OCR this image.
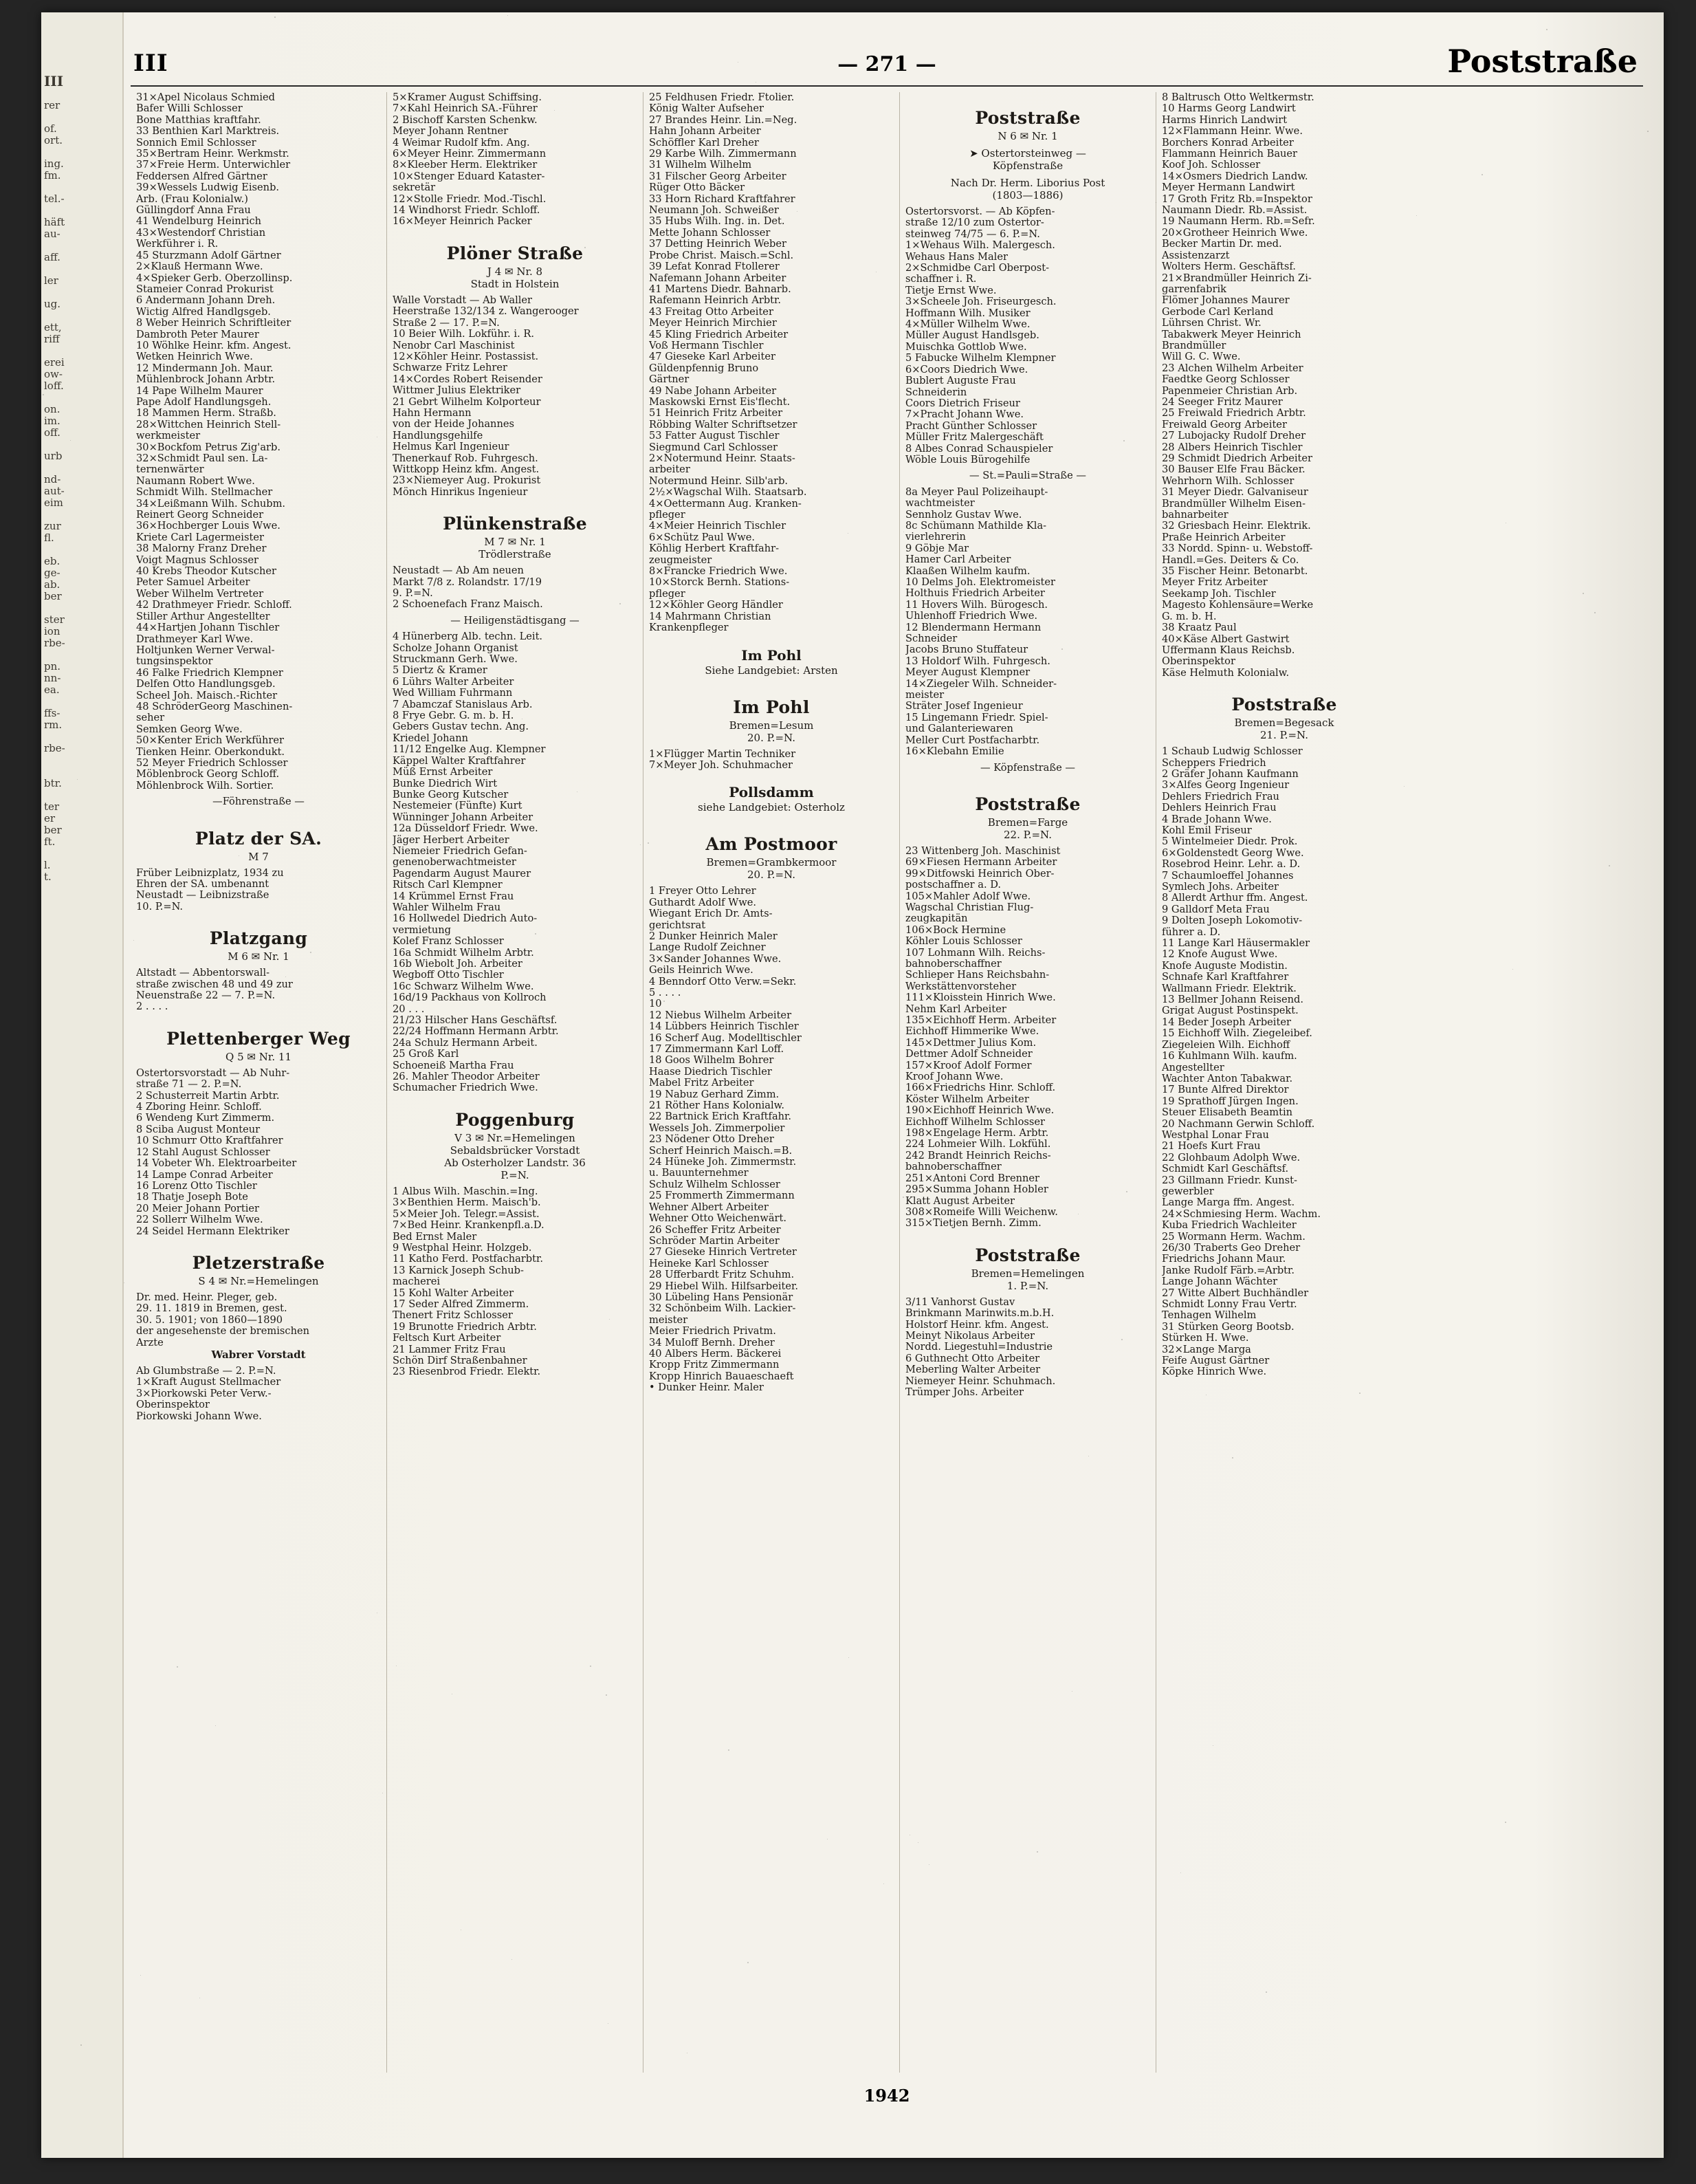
III
rer
of.
ort.
ing.
fm.
tel.-
häft
au-
aff.
ler
ug.
ett,
riff
erei
ow-
loff.
on.
im.
off.
urb
nd-
aut-
eim
zur
fl.
eb.
ge-
ab.
ber
ster
ion
rbe-
pn.
nn-
ea.
ffs-
rm.
rbe-
btr.
ter
er
ber
ft.
l.
t.
III	— 271 —	Poststraße
31×Apel Nicolaus Schmied
Bafer Willi Schlosser
Bone Matthias kraftfahr.
33 Benthien Karl Marktreis.
Sonnich Emil Schlosser
35×Bertram Heinr. Werkmstr.
37×Freie Herm. Unterwichler
Feddersen Alfred Gärtner
39×Wessels Ludwig Eisenb.
Arb. (Frau Kolonialw.)
Güllingdorf Anna Frau
41 Wendelburg Heinrich
43×Westendorf Christian
Werkführer i. R.
45 Sturzmann Adolf Gärtner
2×Klauß Hermann Wwe.
4×Spieker Gerb. Oberzollinsp.
Stameier Conrad Prokurist
6 Andermann Johann Dreh.
Wictig Alfred Handlgsgeb.
8 Weber Heinrich Schriftleiter
Dambroth Peter Maurer
10 Wöhlke Heinr. kfm. Angest.
Wetken Heinrich Wwe.
12 Mindermann Joh. Maur.
Mühlenbrock Johann Arbtr.
14 Pape Wilhelm Maurer
Pape Adolf Handlungsgeh.
18 Mammen Herm. Straßb.
28×Wittchen Heinrich Stell-
werkmeister
30×Bockfom Petrus Zig'arb.
32×Schmidt Paul sen. La-
ternenwärter
Naumann Robert Wwe.
Schmidt Wilh. Stellmacher
34×Leißmann Wilh. Schubm.
Reinert Georg Schneider
36×Hochberger Louis Wwe.
Kriete Carl Lagermeister
38 Malorny Franz Dreher
Voigt Magnus Schlosser
40 Krebs Theodor Kutscher
Peter Samuel Arbeiter
Weber Wilhelm Vertreter
42 Drathmeyer Friedr. Schloff.
Stiller Arthur Angestellter
44×Hartjen Johann Tischler
Drathmeyer Karl Wwe.
Holtjunken Werner Verwal-
tungsinspektor
46 Falke Friedrich Klempner
Delfen Otto Handlungsgeb.
Scheel Joh. Maisch.-Richter
48 SchröderGeorg Maschinen-
seher
Semken Georg Wwe.
50×Kenter Erich Werkführer
Tienken Heinr. Oberkondukt.
52 Meyer Friedrich Schlosser
Möblenbrock Georg Schloff.
Möhlenbrock Wilh. Sortier.
—Föhrenstraße —
Platz der SA.
M 7
Früber Leibnizplatz, 1934 zu
Ehren der SA. umbenannt
Neustadt — Leibnizstraße
10. P.=N.
Platzgang
M 6 ✉ Nr. 1
Altstadt — Abbentorswall-
straße zwischen 48 und 49 zur
Neuenstraße 22 — 7. P.=N.
2 . . . .
Plettenberger Weg
Q 5 ✉ Nr. 11
Ostertorsvorstadt — Ab Nuhr-
straße 71 — 2. P.=N.
2 Schusterreit Martin Arbtr.
4 Zboring Heinr. Schloff.
6 Wendeng Kurt Zimmerm.
8 Sciba August Monteur
10 Schmurr Otto Kraftfahrer
12 Stahl August Schlosser
14 Vobeter Wh. Elektroarbeiter
14 Lampe Conrad Arbeiter
16 Lorenz Otto Tischler
18 Thatje Joseph Bote
20 Meier Johann Portier
22 Sollerr Wilhelm Wwe.
24 Seidel Hermann Elektriker
Pletzerstraße
S 4 ✉ Nr.=Hemelingen
Dr. med. Heinr. Pleger, geb.
29. 11. 1819 in Bremen, gest.
30. 5. 1901; von 1860—1890
der angesehenste der bremischen
Ärzte
Wabrer Vorstadt
Ab Glumbstraße — 2. P.=N.
1×Kraft August Stellmacher
3×Piorkowski Peter Verw.-
Oberinspektor
Piorkowski Johann Wwe.
5×Kramer August Schiffsing.
7×Kahl Heinrich SA.-Führer
2 Bischoff Karsten Schenkw.
Meyer Johann Rentner
4 Weimar Rudolf kfm. Ang.
6×Meyer Heinr. Zimmermann
8×Kleeber Herm. Elektriker
10×Stenger Eduard Kataster-
sekretär
12×Stolle Friedr. Mod.-Tischl.
14 Windhorst Friedr. Schloff.
16×Meyer Heinrich Packer
Plöner Straße
J 4 ✉ Nr. 8
Stadt in Holstein
Walle Vorstadt — Ab Waller
Heerstraße 132/134 z. Wangerooger
Straße 2 — 17. P.=N.
10 Beier Wilh. Lokführ. i. R.
Nenobr Carl Maschinist
12×Köhler Heinr. Postassist.
Schwarze Fritz Lehrer
14×Cordes Robert Reisender
Wittmer Julius Elektriker
21 Gebrt Wilhelm Kolporteur
Hahn Hermann
von der Heide Johannes
Handlungsgehilfe
Helmus Karl Ingenieur
Thenerkauf Rob. Fuhrgesch.
Wittkopp Heinz kfm. Angest.
23×Niemeyer Aug. Prokurist
Mönch Hinrikus Ingenieur
Plünkenstraße
M 7 ✉ Nr. 1
Trödlerstraße
Neustadt — Ab Am neuen
Markt 7/8 z. Rolandstr. 17/19
9. P.=N.
2 Schoenefach Franz Maisch.
— Heiligenstädtisgang —
4 Hünerberg Alb. techn. Leit.
Scholze Johann Organist
Struckmann Gerh. Wwe.
5 Diertz & Kramer
6 Lührs Walter Arbeiter
Wed William Fuhrmann
7 Abamczaf Stanislaus Arb.
8 Frye Gebr. G. m. b. H.
Gebers Gustav techn. Ang.
Kriedel Johann
11/12 Engelke Aug. Klempner
Käppel Walter Kraftfahrer
Müß Ernst Arbeiter
Bunke Diedrich Wirt
Bunke Georg Kutscher
Nestemeier (Fünfte) Kurt
Wünninger Johann Arbeiter
12a Düsseldorf Friedr. Wwe.
Jäger Herbert Arbeiter
Niemeier Friedrich Gefan-
genenoberwachtmeister
Pagendarm August Maurer
Ritsch Carl Klempner
14 Krümmel Ernst Frau
Wahler Wilhelm Frau
16 Hollwedel Diedrich Auto-
vermietung
Kolef Franz Schlosser
16a Schmidt Wilhelm Arbtr.
16b Wiebolt Joh. Arbeiter
Wegboff Otto Tischler
16c Schwarz Wilhelm Wwe.
16d/19 Packhaus von Kollroch
20 . . .
21/23 Hilscher Hans Geschäftsf.
22/24 Hoffmann Hermann Arbtr.
24a Schulz Hermann Arbeit.
25 Groß Karl
Schoeneiß Martha Frau
26. Mahler Theodor Arbeiter
Schumacher Friedrich Wwe.
Poggenburg
V 3 ✉ Nr.=Hemelingen
Sebaldsbrücker Vorstadt
Ab Osterholzer Landstr. 36
P.=N.
1 Albus Wilh. Maschin.=Ing.
3×Benthien Herm. Maisch'b.
5×Meier Joh. Telegr.=Assist.
7×Bed Heinr. Krankenpfl.a.D.
Bed Ernst Maler
9 Westphal Heinr. Holzgeb.
11 Katho Ferd. Postfacharbtr.
13 Karnick Joseph Schub-
macherei
15 Kohl Walter Arbeiter
17 Seder Alfred Zimmerm.
Thenert Fritz Schlosser
19 Brunotte Friedrich Arbtr.
Feltsch Kurt Arbeiter
21 Lammer Fritz Frau
Schön Dirf Straßenbahner
23 Riesenbrod Friedr. Elektr.
25 Feldhusen Friedr. Ftolier.
König Walter Aufseher
27 Brandes Heinr. Lin.=Neg.
Hahn Johann Arbeiter
Schöffler Karl Dreher
29 Karbe Wilh. Zimmermann
31 Wilhelm Wilhelm
31 Filscher Georg Arbeiter
Rüger Otto Bäcker
33 Horn Richard Kraftfahrer
Neumann Joh. Schweißer
35 Hubs Wilh. Ing. in. Det.
Mette Johann Schlosser
37 Detting Heinrich Weber
Probe Christ. Maisch.=Schl.
39 Lefat Konrad Ftollerer
Nafemann Johann Arbeiter
41 Martens Diedr. Bahnarb.
Rafemann Heinrich Arbtr.
43 Freitag Otto Arbeiter
Meyer Heinrich Mirchier
45 Kling Friedrich Arbeiter
Voß Hermann Tischler
47 Gieseke Karl Arbeiter
Güldenpfennig Bruno
Gärtner
49 Nabe Johann Arbeiter
Maskowski Ernst Eis'flecht.
51 Heinrich Fritz Arbeiter
Röbbing Walter Schriftsetzer
53 Fatter August Tischler
Siegmund Carl Schlosser
2×Notermund Heinr. Staats-
arbeiter
Notermund Heinr. Silb'arb.
2½×Wagschal Wilh. Staatsarb.
4×Oettermann Aug. Kranken-
pfleger
4×Meier Heinrich Tischler
6×Schütz Paul Wwe.
Köhlig Herbert Kraftfahr-
zeugmeister
8×Francke Friedrich Wwe.
10×Storck Bernh. Stations-
pfleger
12×Köhler Georg Händler
14 Mahrmann Christian
Krankenpfleger
Im Pohl
Siehe Landgebiet: Arsten
Im Pohl
Bremen=Lesum
20. P.=N.
1×Flügger Martin Techniker
7×Meyer Joh. Schuhmacher
Pollsdamm
siehe Landgebiet: Osterholz
Am Postmoor
Bremen=Grambkermoor
20. P.=N.
1 Freyer Otto Lehrer
Guthardt Adolf Wwe.
Wiegant Erich Dr. Amts-
gerichtsrat
2 Dunker Heinrich Maler
Lange Rudolf Zeichner
3×Sander Johannes Wwe.
Geils Heinrich Wwe.
4 Benndorf Otto Verw.=Sekr.
5 . . . .
10
12 Niebus Wilhelm Arbeiter
14 Lübbers Heinrich Tischler
16 Scherf Aug. Modelltischler
17 Zimmermann Karl Loff.
18 Goos Wilhelm Bohrer
Haase Diedrich Tischler
Mabel Fritz Arbeiter
19 Nabuz Gerhard Zimm.
21 Röther Hans Kolonialw.
22 Bartnick Erich Kraftfahr.
Wessels Joh. Zimmerpolier
23 Nödener Otto Dreher
Scherf Heinrich Maisch.=B.
24 Hüneke Joh. Zimmermstr.
u. Bauunternehmer
Schulz Wilhelm Schlosser
25 Frommerth Zimmermann
Wehner Albert Arbeiter
Wehner Otto Weichenwärt.
26 Scheffer Fritz Arbeiter
Schröder Martin Arbeiter
27 Gieseke Hinrich Vertreter
Heineke Karl Schlosser
28 Ufferbardt Fritz Schuhm.
29 Hiebel Wilh. Hilfsarbeiter.
30 Lübeling Hans Pensionär
32 Schönbeim Wilh. Lackier-
meister
Meier Friedrich Privatm.
34 Muloff Bernh. Dreher
40 Albers Herm. Bäckerei
Kropp Fritz Zimmermann
Kropp Hinrich Bauaeschaeft
• Dunker Heinr. Maler
Poststraße
N 6 ✉ Nr. 1
➤ Ostertorsteinweg —
Köpfenstraße
Nach Dr. Herm. Liborius Post
(1803—1886)
Ostertorsvorst. — Ab Köpfen-
straße 12/10 zum Ostertor-
steinweg 74/75 — 6. P.=N.
1×Wehaus Wilh. Malergesch.
Wehaus Hans Maler
2×Schmidbe Carl Oberpost-
schaffner i. R.
Tietje Ernst Wwe.
3×Scheele Joh. Friseurgesch.
Hoffmann Wilh. Musiker
4×Müller Wilhelm Wwe.
Müller August Handlsgeb.
Muischka Gottlob Wwe.
5 Fabucke Wilhelm Klempner
6×Coors Diedrich Wwe.
Bublert Auguste Frau
Schneiderin
Coors Dietrich Friseur
7×Pracht Johann Wwe.
Pracht Günther Schlosser
Müller Fritz Malergeschäft
8 Albes Conrad Schauspieler
Wöble Louis Bürogehilfe
— St.=Pauli=Straße —
8a Meyer Paul Polizeihaupt-
wachtmeister
Sennholz Gustav Wwe.
8c Schümann Mathilde Kla-
vierlehrerin
9 Göbje Mar
Hamer Carl Arbeiter
Klaaßen Wilhelm kaufm.
10 Delms Joh. Elektromeister
Holthuis Friedrich Arbeiter
11 Hovers Wilh. Bürogesch.
Uhlenhoff Friedrich Wwe.
12 Blendermann Hermann
Schneider
Jacobs Bruno Stuffateur
13 Holdorf Wilh. Fuhrgesch.
Meyer August Klempner
14×Ziegeler Wilh. Schneider-
meister
Sträter Josef Ingenieur
15 Lingemann Friedr. Spiel-
und Galanteriewaren
Meller Curt Postfacharbtr.
16×Klebahn Emilie
— Köpfenstraße —
Poststraße
Bremen=Farge
22. P.=N.
23 Wittenberg Joh. Maschinist
69×Fiesen Hermann Arbeiter
99×Ditfowski Heinrich Ober-
postschaffner a. D.
105×Mahler Adolf Wwe.
Wagschal Christian Flug-
zeugkapitän
106×Bock Hermine
Köhler Louis Schlosser
107 Lohmann Wilh. Reichs-
bahnoberschaffner
Schlieper Hans Reichsbahn-
Werkstättenvorsteher
111×Kloisstein Hinrich Wwe.
Nehm Karl Arbeiter
135×Eichhoff Herm. Arbeiter
Eichhoff Himmerike Wwe.
145×Dettmer Julius Kom.
Dettmer Adolf Schneider
157×Kroof Adolf Former
Kroof Johann Wwe.
166×Friedrichs Hinr. Schloff.
Köster Wilhelm Arbeiter
190×Eichhoff Heinrich Wwe.
Eichhoff Wilhelm Schlosser
198×Engelage Herm. Arbtr.
224 Lohmeier Wilh. Lokfühl.
242 Brandt Heinrich Reichs-
bahnoberschaffner
251×Antoni Cord Brenner
295×Summa Johann Hobler
Klatt August Arbeiter
308×Romeife Willi Weichenw.
315×Tietjen Bernh. Zimm.
Poststraße
Bremen=Hemelingen
1. P.=N.
3/11 Vanhorst Gustav
Brinkmann Marinwits.m.b.H.
Holstorf Heinr. kfm. Angest.
Meinyt Nikolaus Arbeiter
Nordd. Liegestuhl=Industrie
6 Guthnecht Otto Arbeiter
Meberling Walter Arbeiter
Niemeyer Heinr. Schuhmach.
Trümper Johs. Arbeiter
8 Baltrusch Otto Weltkermstr.
10 Harms Georg Landwirt
Harms Hinrich Landwirt
12×Flammann Heinr. Wwe.
Borchers Konrad Arbeiter
Flammann Heinrich Bauer
Koof Joh. Schlosser
14×Osmers Diedrich Landw.
Meyer Hermann Landwirt
17 Groth Fritz Rb.=Inspektor
Naumann Diedr. Rb.=Assist.
19 Naumann Herm. Rb.=Sefr.
20×Grotheer Heinrich Wwe.
Becker Martin Dr. med.
Assistenzarzt
Wolters Herm. Geschäftsf.
21×Brandmüller Heinrich Zi-
garrenfabrik
Flömer Johannes Maurer
Gerbode Carl Kerland
Lührsen Christ. Wr.
Tabakwerk Meyer Heinrich
Brandmüller
Will G. C. Wwe.
23 Alchen Wilhelm Arbeiter
Faedtke Georg Schlosser
Papenmeier Christian Arb.
24 Seeger Fritz Maurer
25 Freiwald Friedrich Arbtr.
Freiwald Georg Arbeiter
27 Lubojacky Rudolf Dreher
28 Albers Heinrich Tischler
29 Schmidt Diedrich Arbeiter
30 Bauser Elfe Frau Bäcker.
Wehrhorn Wilh. Schlosser
31 Meyer Diedr. Galvaniseur
Brandmüller Wilhelm Eisen-
bahnarbeiter
32 Griesbach Heinr. Elektrik.
Praße Heinrich Arbeiter
33 Nordd. Spinn- u. Webstoff-
Handl.=Ges. Deiters & Co.
35 Fischer Heinr. Betonarbt.
Meyer Fritz Arbeiter
Seekamp Joh. Tischler
Magesto Kohlensäure=Werke
G. m. b. H.
38 Kraatz Paul
40×Käse Albert Gastwirt
Uffermann Klaus Reichsb.
Oberinspektor
Käse Helmuth Kolonialw.
Poststraße
Bremen=Begesack
21. P.=N.
1 Schaub Ludwig Schlosser
Scheppers Friedrich
2 Gräfer Johann Kaufmann
3×Alfes Georg Ingenieur
Dehlers Friedrich Frau
Dehlers Heinrich Frau
4 Brade Johann Wwe.
Kohl Emil Friseur
5 Wintelmeier Diedr. Prok.
6×Goldenstedt Georg Wwe.
Rosebrod Heinr. Lehr. a. D.
7 Schaumloeffel Johannes
Symlech Johs. Arbeiter
8 Allerdt Arthur ffm. Angest.
9 Galldorf Meta Frau
9 Dolten Joseph Lokomotiv-
führer a. D.
11 Lange Karl Häusermakler
12 Knofe August Wwe.
Knofe Auguste Modistin.
Schnafe Karl Kraftfahrer
Wallmann Friedr. Elektrik.
13 Bellmer Johann Reisend.
Grigat August Postinspekt.
14 Beder Joseph Arbeiter
15 Eichhoff Wilh. Ziegeleibef.
Ziegeleien Wilh. Eichhoff
16 Kuhlmann Wilh. kaufm.
Angestellter
Wachter Anton Tabakwar.
17 Bunte Alfred Direktor
19 Sprathoff Jürgen Ingen.
Steuer Elisabeth Beamtin
20 Nachmann Gerwin Schloff.
Westphal Lonar Frau
21 Hoefs Kurt Frau
22 Glohbaum Adolph Wwe.
Schmidt Karl Geschäftsf.
23 Gillmann Friedr. Kunst-
gewerbler
Lange Marga ffm. Angest.
24×Schmiesing Herm. Wachm.
Kuba Friedrich Wachleiter
25 Wormann Herm. Wachm.
26/30 Traberts Geo Dreher
Friedrichs Johann Maur.
Janke Rudolf Färb.=Arbtr.
Lange Johann Wächter
27 Witte Albert Buchhändler
Schmidt Lonny Frau Vertr.
Tenhagen Wilhelm
31 Stürken Georg Bootsb.
Stürken H. Wwe.
32×Lange Marga
Feife August Gärtner
Köpke Hinrich Wwe.
1942
